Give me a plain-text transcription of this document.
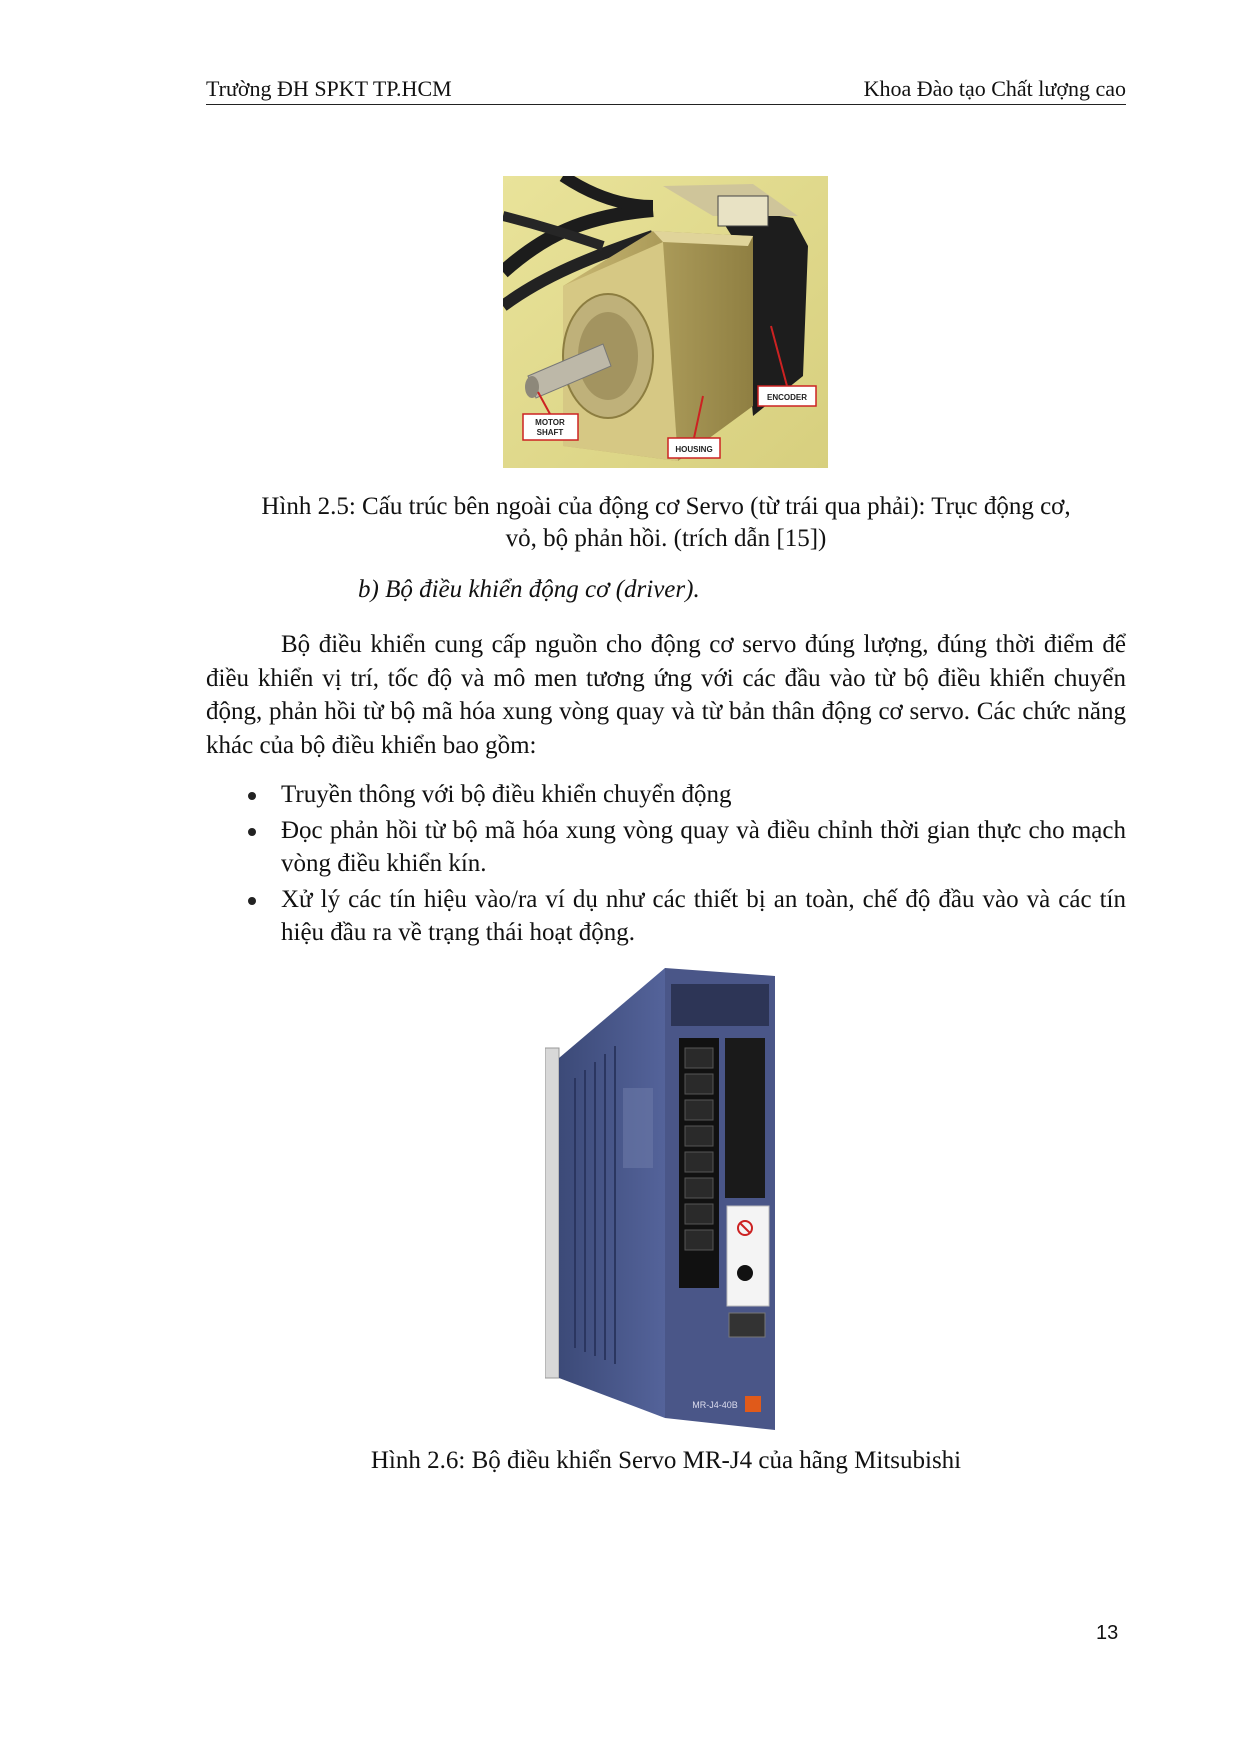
Trường ĐH SPKT TP.HCM	Khoa Đào tạo Chất lượng cao
MOTOR
SHAFT
HOUSING
ENCODER
Hình 2.5: Cấu trúc bên ngoài của động cơ Servo (từ trái qua phải): Trục động cơ,
vỏ, bộ phản hồi. (trích dẫn [15])
b) Bộ điều khiển động cơ (driver).
Bộ điều khiển cung cấp nguồn cho động cơ servo đúng lượng, đúng thời điểm để điều khiển vị trí, tốc độ và mô men tương ứng với các đầu vào từ bộ điều khiển chuyển động, phản hồi từ bộ mã hóa xung vòng quay và từ bản thân động cơ servo. Các chức năng khác của bộ điều khiển bao gồm:
Truyền thông với bộ điều khiển chuyển động
Đọc phản hồi từ bộ mã hóa xung vòng quay và điều chỉnh thời gian thực cho mạch vòng điều khiển kín.
Xử lý các tín hiệu vào/ra ví dụ như các thiết bị an toàn, chế độ đầu vào và các tín hiệu đầu ra về trạng thái hoạt động.
MR-J4-40B
Hình 2.6: Bộ điều khiển Servo MR-J4 của hãng Mitsubishi
13
